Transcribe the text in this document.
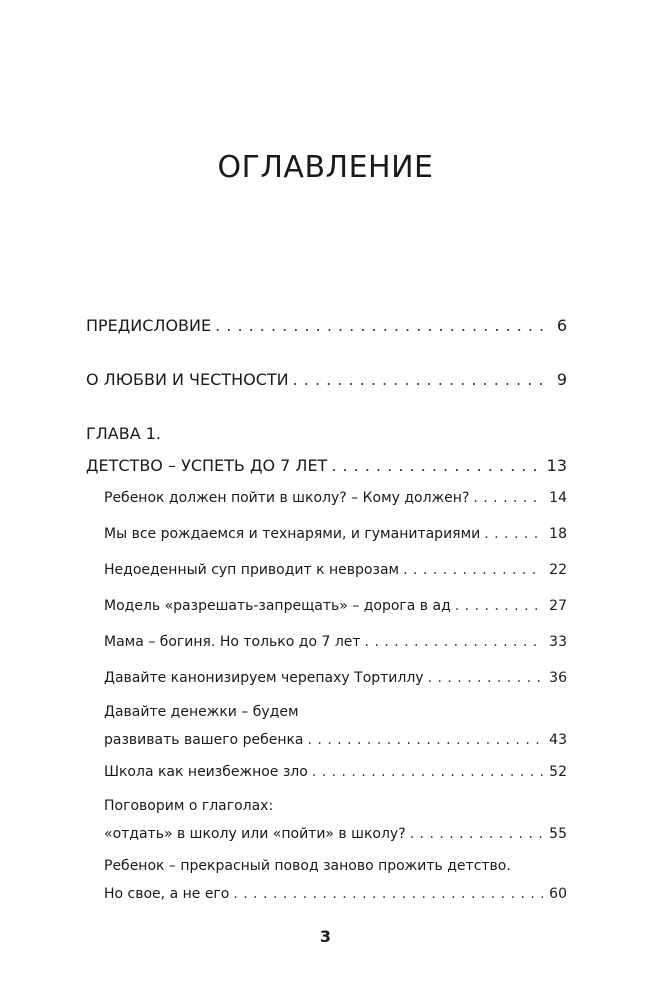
ОГЛАВЛЕНИЕ
ПРЕДИСЛОВИЕ . . .	6
О ЛЮБВИ И ЧЕСТНОСТИ . . .	9
ГЛАВА 1.
ДЕТСТВО – УСПЕТЬ ДО 7 ЛЕТ . . .	13
Ребенок должен пойти в школу? – Кому должен? . . .	14
Мы все рождаемся и технарями, и гуманитариями . . .	18
Недоеденный суп приводит к неврозам . . .	22
Модель «разрешать-запрещать» – дорога в ад . . .	27
Мама – богиня. Но только до 7 лет . . .	33
Давайте канонизируем черепаху Тортиллу . . .	36
Давайте денежки – будем
развивать вашего ребенка . . .	43
Школа как неизбежное зло . . .	52
Поговорим о глаголах:
«отдать» в школу или «пойти» в школу? . . .	55
Ребенок – прекрасный повод заново прожить детство.
Но свое, а не его . . .	60
3
